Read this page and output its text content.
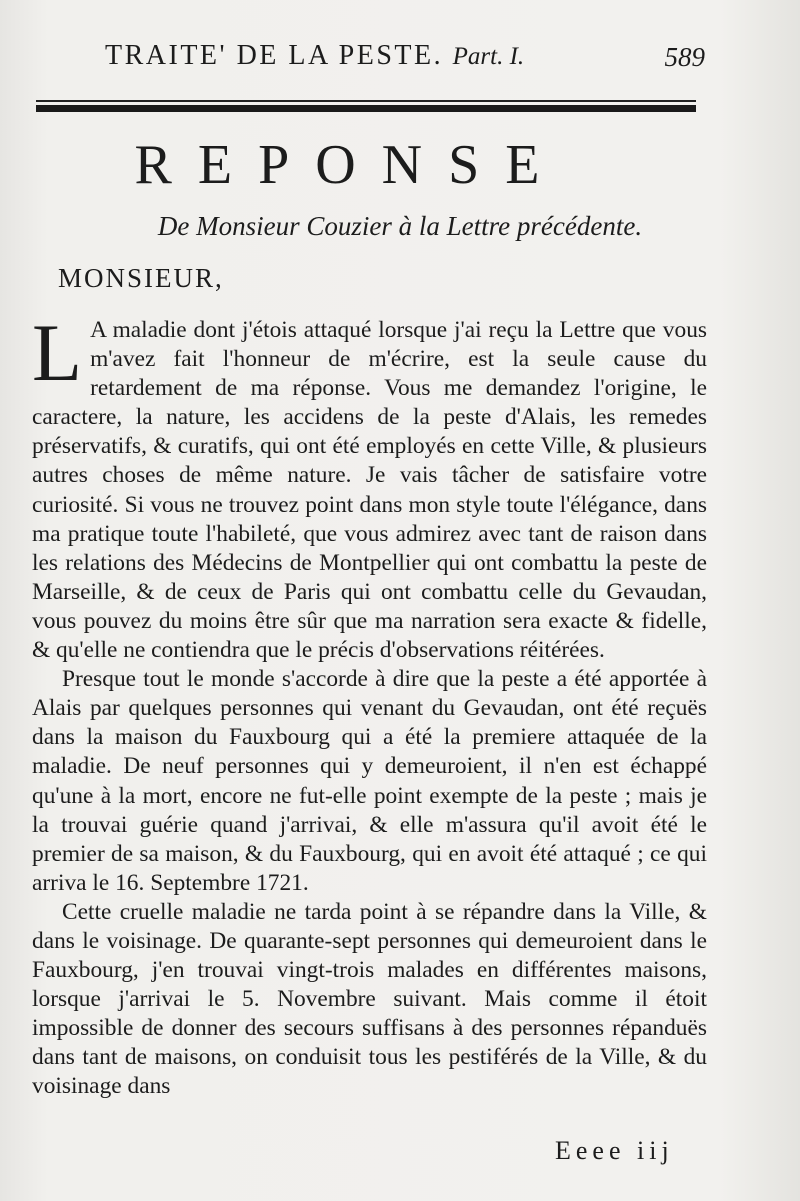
TRAITE' DE LA PESTE. Part. I.	589
REPONSE
De Monsieur Couzier à la Lettre précédente.
MONSIEUR,

L A maladie dont j'étois attaqué lorsque j'ai reçu la Lettre que vous m'avez fait l'honneur de m'écrire, est la seule cause du retardement de ma réponse. Vous me demandez l'origine, le caractere, la nature, les accidens de la peste d'Alais, les remedes préservatifs, & curatifs, qui ont été employés en cette Ville, & plusieurs autres choses de même nature. Je vais tâcher de satisfaire votre curiosité. Si vous ne trouvez point dans mon style toute l'élégance, dans ma pratique toute l'habileté, que vous admirez avec tant de raison dans les relations des Médecins de Montpellier qui ont combattu la peste de Marseille, & de ceux de Paris qui ont combattu celle du Gevaudan, vous pouvez du moins être sûr que ma narration sera exacte & fidelle, & qu'elle ne contiendra que le précis d'observations réitérées.

Presque tout le monde s'accorde à dire que la peste a été apportée à Alais par quelques personnes qui venant du Gevaudan, ont été reçuës dans la maison du Fauxbourg qui a été la premiere attaquée de la maladie. De neuf personnes qui y demeuroient, il n'en est échappé qu'une à la mort, encore ne fut-elle point exempte de la peste ; mais je la trouvai guérie quand j'arrivai, & elle m'assura qu'il avoit été le premier de sa maison, & du Fauxbourg, qui en avoit été attaqué ; ce qui arriva le 16. Septembre 1721.

Cette cruelle maladie ne tarda point à se répandre dans la Ville, & dans le voisinage. De quarante-sept personnes qui demeuroient dans le Fauxbourg, j'en trouvai vingt-trois malades en différentes maisons, lorsque j'arrivai le 5. Novembre suivant. Mais comme il étoit impossible de donner des secours suffisans à des personnes répanduës dans tant de maisons, on conduisit tous les pestiférés de la Ville, & du voisinage dans

Eeee iij
